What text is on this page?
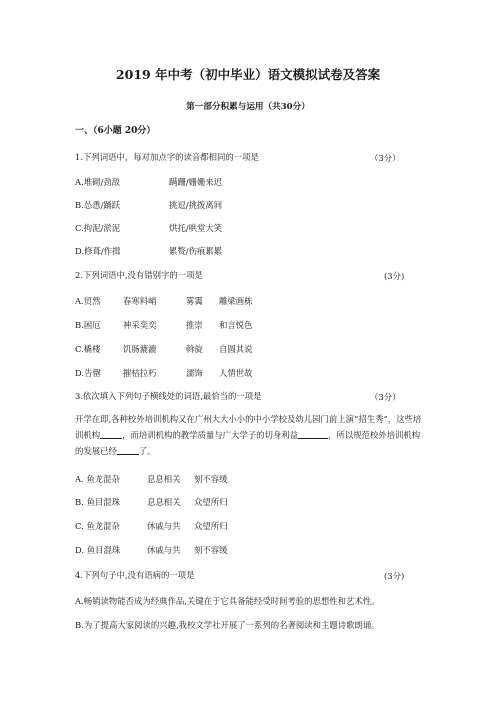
2019 年中考（初中毕业）语文模拟试卷及答案
第一部分积累与运用（共30分）
一、（6小题 20分）
1.下列词语中，每对加点字的读音都相同的一项是	（3分）
A.堆砌/劲敌	蹒跚/姗姗来迟
B.怂恿/踊跃	挑逗/挑拨离间
C.拘泥/淤泥	烘托/哄堂大笑
D.修葺/作揖	累赘/伤痕累累
2.下列词语中,没有错别字的一项是	(3分)
A.贸然	春寒料峭	雾霭 雕梁画栋
B.困厄	神采奕奕	推崇 和言悦色
C.橇楼	饥肠漉漉	斡旋 自圆其说
D.告罄	摧枯拉朽	濡饰 人情世故
3.依次填入下列句子横线处的词语,最恰当的一项是	（3分）
开学在即,各种校外培训机构又在广州大大小小的中小学校及幼儿园门前上演“招生秀”，这些培训机构	，而培训机构的教学质量与广大学子的切身利益	，所以规范校外培训机构的发展已经	了。
A. 鱼龙混杂	息息相关 刻不容缓
B. 鱼目混珠	息息相关 众望所归
C. 鱼龙混杂	休戚与共 众望所归
D. 鱼目混珠	休戚与共 刻不容缓
4.下列句子中,没有语病的一项是	(3分)
A.畅销读物能否成为经典作品,关键在于它具备能经受时间考验的思想性和艺术性。
B.为了提高大家阅读的兴趣,我校文学社开展了一系列的名著阅读和主题诗歌朗诵。
